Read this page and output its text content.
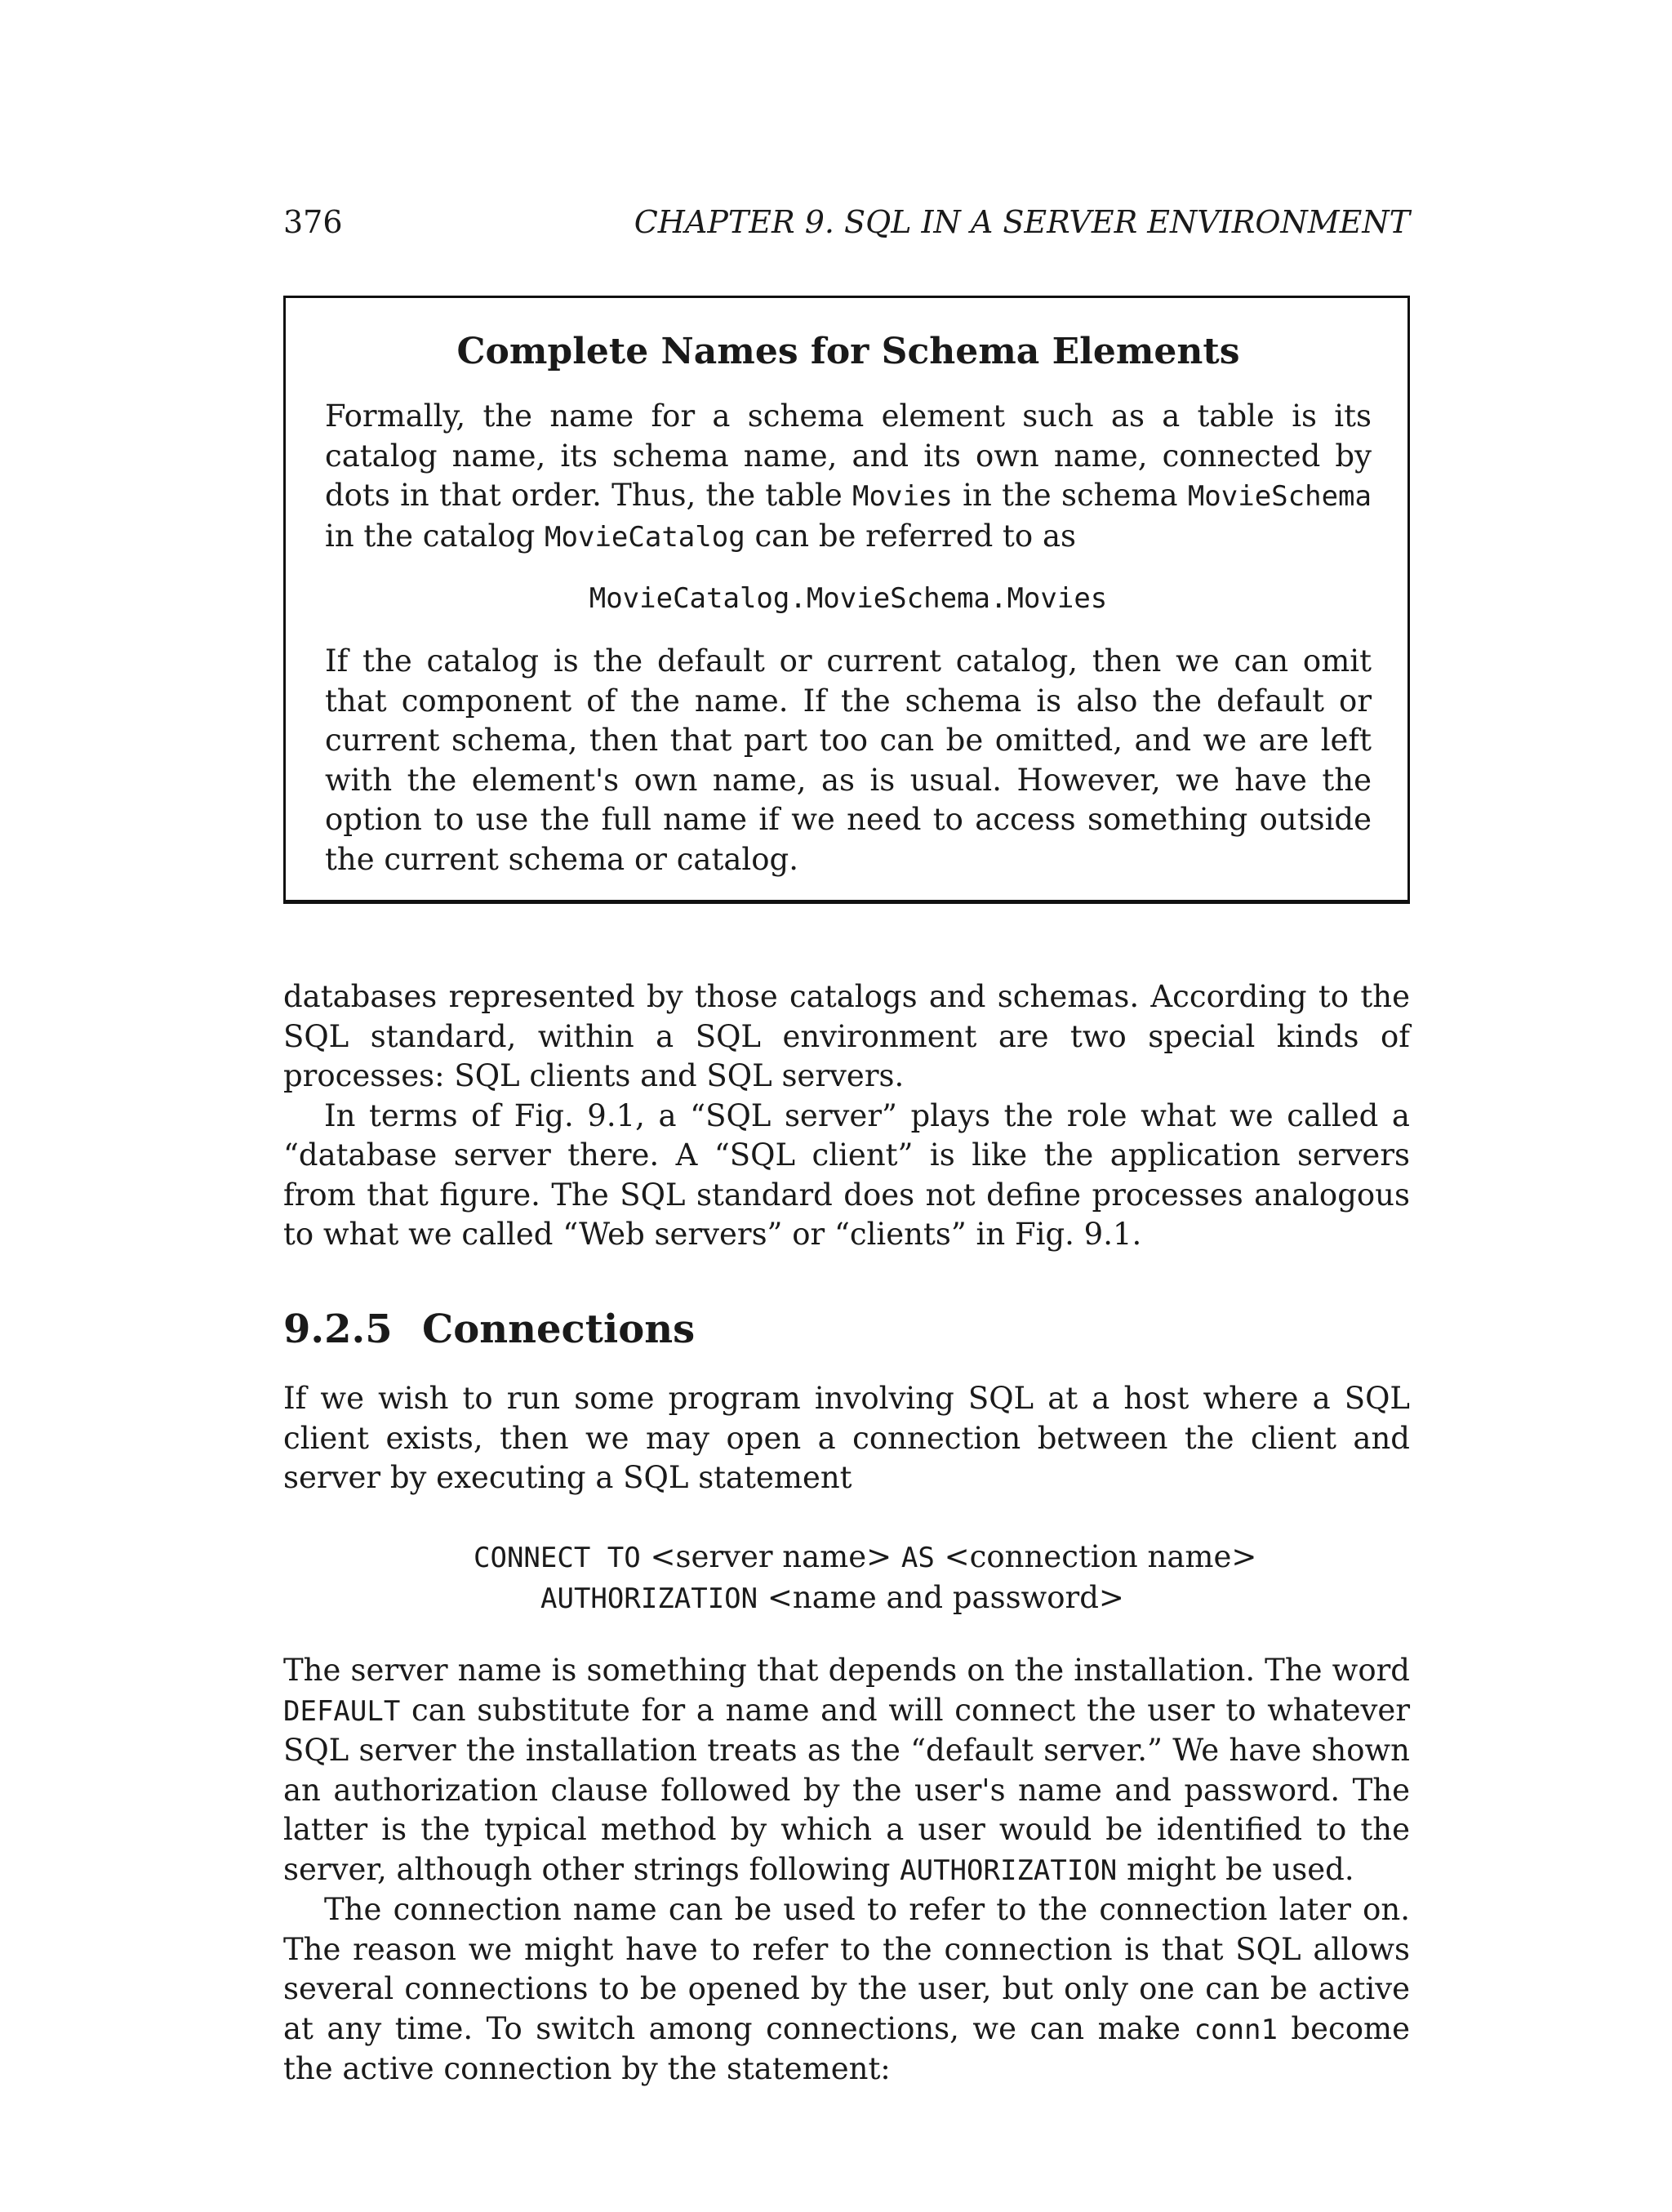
376	CHAPTER 9. SQL IN A SERVER ENVIRONMENT
Complete Names for Schema Elements

Formally, the name for a schema element such as a table is its catalog name, its schema name, and its own name, connected by dots in that order. Thus, the table Movies in the schema MovieSchema in the catalog MovieCatalog can be referred to as

MovieCatalog.MovieSchema.Movies

If the catalog is the default or current catalog, then we can omit that component of the name. If the schema is also the default or current schema, then that part too can be omitted, and we are left with the element's own name, as is usual. However, we have the option to use the full name if we need to access something outside the current schema or catalog.

databases represented by those catalogs and schemas. According to the SQL standard, within a SQL environment are two special kinds of processes: SQL clients and SQL servers.

In terms of Fig. 9.1, a “SQL server” plays the role what we called a “database server there. A “SQL client” is like the application servers from that figure. The SQL standard does not define processes analogous to what we called “Web servers” or “clients” in Fig. 9.1.

9.2.5 Connections

If we wish to run some program involving SQL at a host where a SQL client exists, then we may open a connection between the client and server by executing a SQL statement

CONNECT TO <server name> AS <connection name>
AUTHORIZATION <name and password>

The server name is something that depends on the installation. The word DEFAULT can substitute for a name and will connect the user to whatever SQL server the installation treats as the “default server.” We have shown an authorization clause followed by the user's name and password. The latter is the typical method by which a user would be identified to the server, although other strings following AUTHORIZATION might be used.

The connection name can be used to refer to the connection later on. The reason we might have to refer to the connection is that SQL allows several connections to be opened by the user, but only one can be active at any time. To switch among connections, we can make conn1 become the active connection by the statement:
